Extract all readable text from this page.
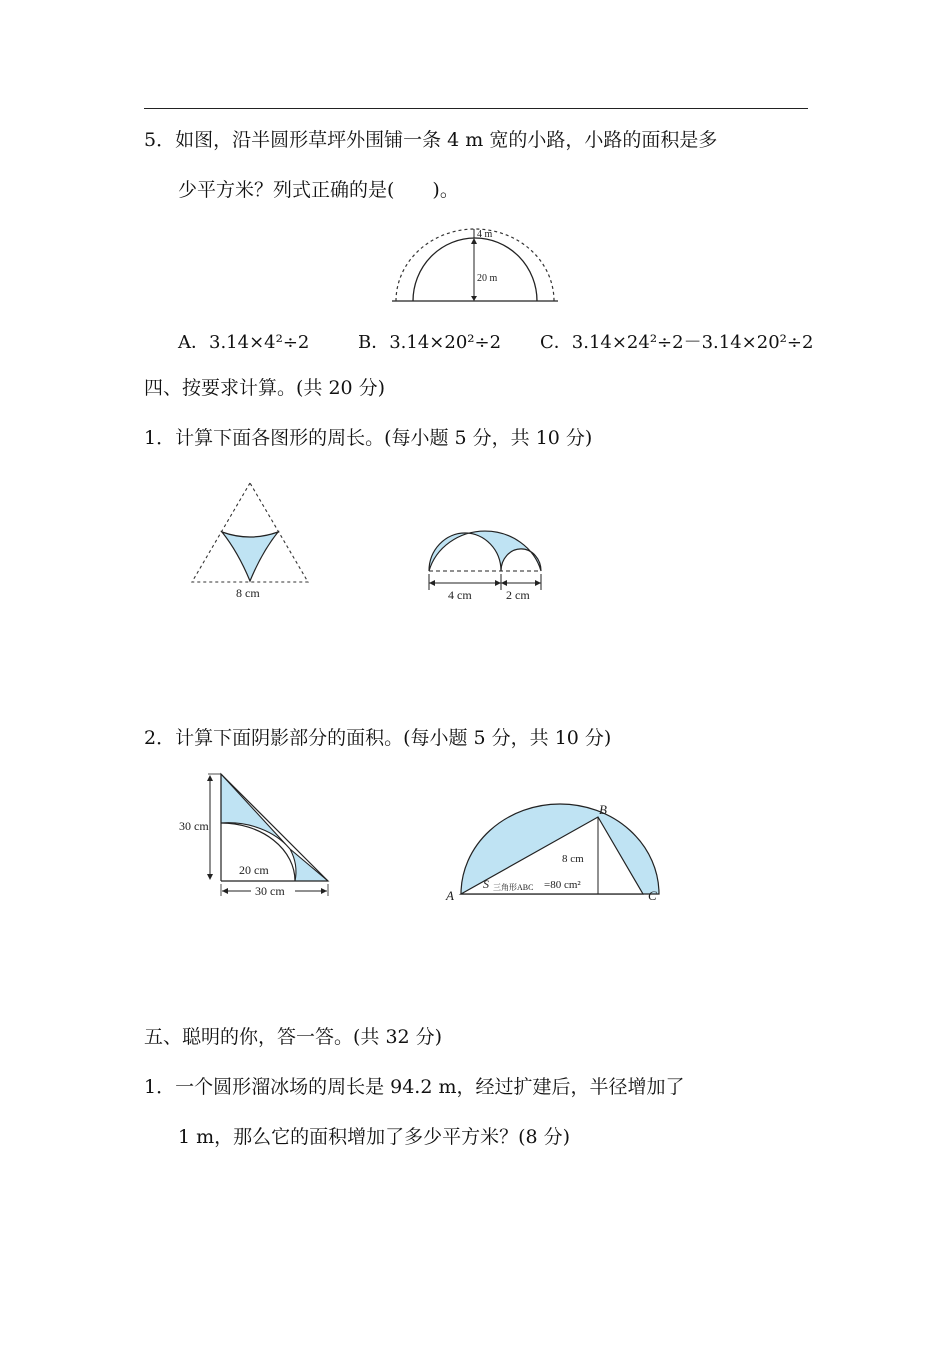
5．如图，沿半圆形草坪外围铺一条 4 m 宽的小路，小路的面积是多
少平方米？列式正确的是(　　)。
4 m
20 m
A．3.14×4²÷2	B．3.14×20²÷2 C．3.14×24²÷2－3.14×20²÷2
四、按要求计算。(共 20 分)
1．计算下面各图形的周长。(每小题 5 分，共 10 分)
8 cm	4 cm	2 cm
2．计算下面阴影部分的面积。(每小题 5 分，共 10 分)
30 cm
20 cm
30 cm
B
A	C
8 cm
S 三角形ABC =80 cm²
五、聪明的你，答一答。(共 32 分)
1．一个圆形溜冰场的周长是 94.2 m，经过扩建后，半径增加了
1 m，那么它的面积增加了多少平方米？(8 分)
